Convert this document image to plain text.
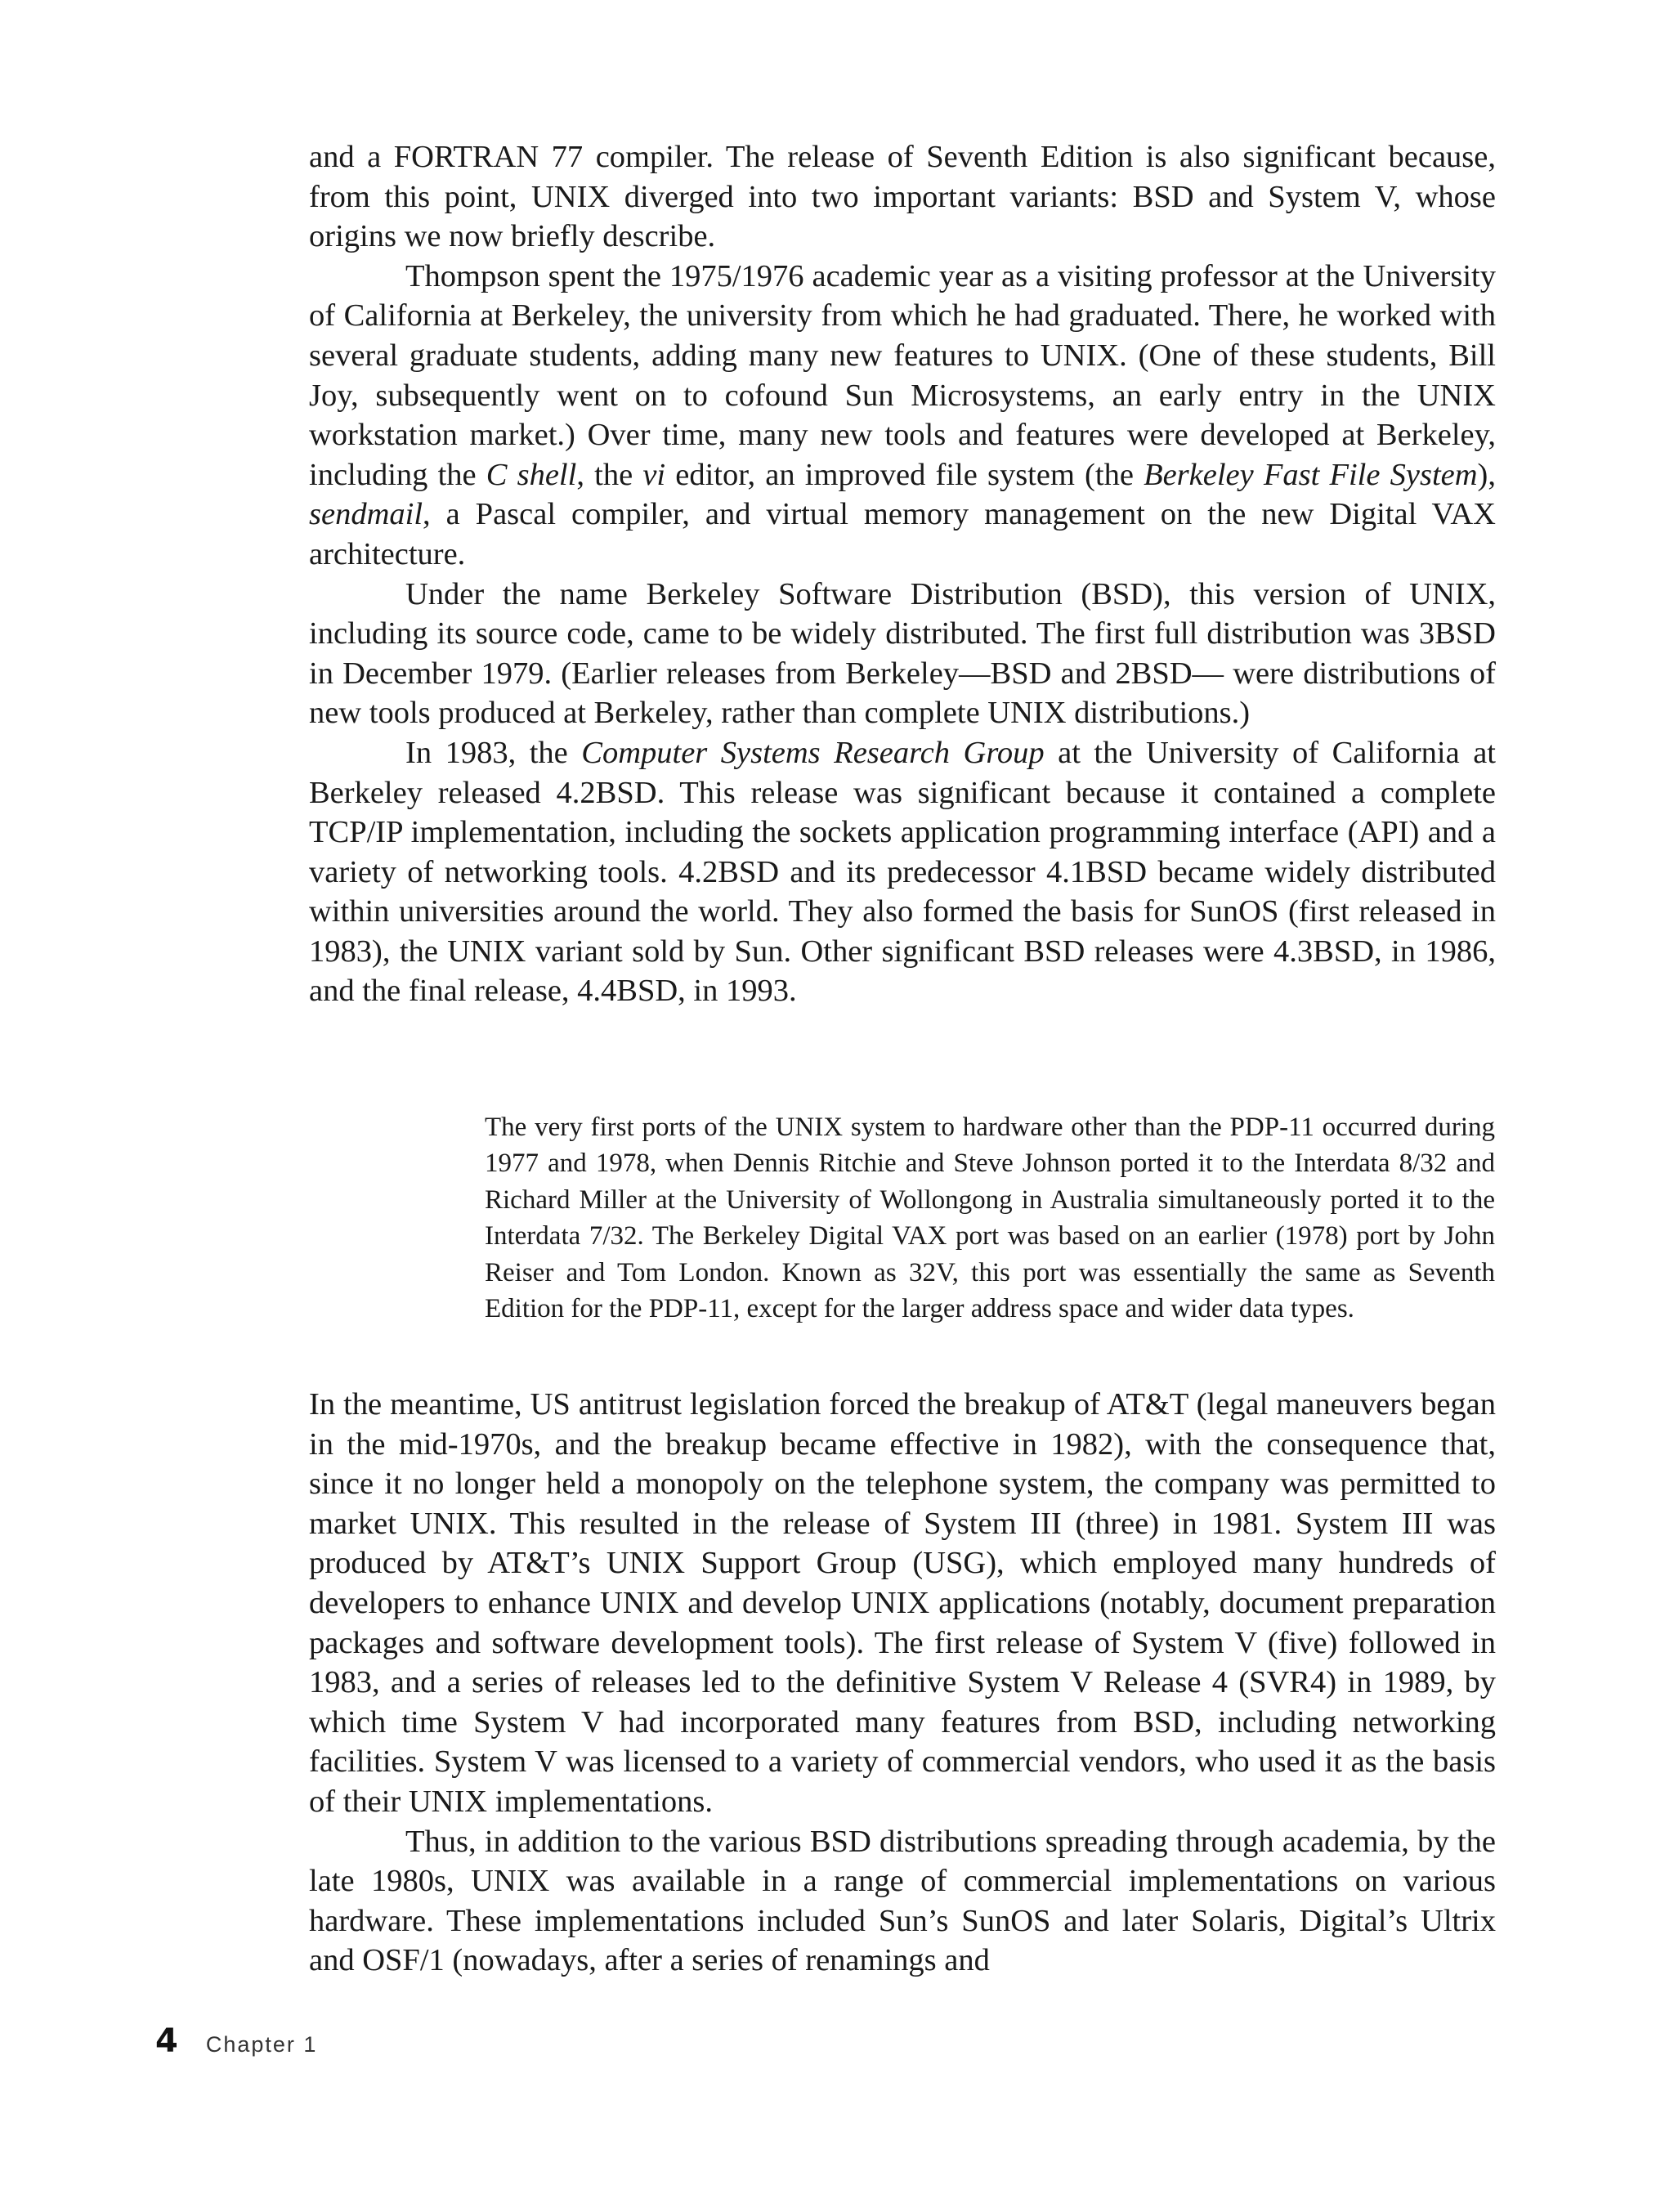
and a FORTRAN 77 compiler. The release of Seventh Edition is also significant because, from this point, UNIX diverged into two important variants: BSD and System V, whose origins we now briefly describe.

Thompson spent the 1975/1976 academic year as a visiting professor at the University of California at Berkeley, the university from which he had graduated. There, he worked with several graduate students, adding many new features to UNIX. (One of these students, Bill Joy, subsequently went on to cofound Sun Microsystems, an early entry in the UNIX workstation market.) Over time, many new tools and features were developed at Berkeley, including the C shell, the vi editor, an improved file system (the Berkeley Fast File System), sendmail, a Pascal compiler, and virtual memory management on the new Digital VAX architecture.

Under the name Berkeley Software Distribution (BSD), this version of UNIX, including its source code, came to be widely distributed. The first full distribution was 3BSD in December 1979. (Earlier releases from Berkeley—BSD and 2BSD— were distributions of new tools produced at Berkeley, rather than complete UNIX distributions.)

In 1983, the Computer Systems Research Group at the University of California at Berkeley released 4.2BSD. This release was significant because it contained a complete TCP/IP implementation, including the sockets application programming interface (API) and a variety of networking tools. 4.2BSD and its predecessor 4.1BSD became widely distributed within universities around the world. They also formed the basis for SunOS (first released in 1983), the UNIX variant sold by Sun. Other significant BSD releases were 4.3BSD, in 1986, and the final release, 4.4BSD, in 1993.

The very first ports of the UNIX system to hardware other than the PDP-11 occurred during 1977 and 1978, when Dennis Ritchie and Steve Johnson ported it to the Interdata 8/32 and Richard Miller at the University of Wollongong in Australia simultaneously ported it to the Interdata 7/32. The Berkeley Digital VAX port was based on an earlier (1978) port by John Reiser and Tom London. Known as 32V, this port was essentially the same as Seventh Edition for the PDP-11, except for the larger address space and wider data types.

In the meantime, US antitrust legislation forced the breakup of AT&T (legal maneuvers began in the mid-1970s, and the breakup became effective in 1982), with the consequence that, since it no longer held a monopoly on the telephone system, the company was permitted to market UNIX. This resulted in the release of System III (three) in 1981. System III was produced by AT&T’s UNIX Support Group (USG), which employed many hundreds of developers to enhance UNIX and develop UNIX applications (notably, document preparation packages and software development tools). The first release of System V (five) followed in 1983, and a series of releases led to the definitive System V Release 4 (SVR4) in 1989, by which time System V had incorporated many features from BSD, including networking facilities. System V was licensed to a variety of commercial vendors, who used it as the basis of their UNIX implementations.

Thus, in addition to the various BSD distributions spreading through academia, by the late 1980s, UNIX was available in a range of commercial implementations on various hardware. These implementations included Sun’s SunOS and later Solaris, Digital’s Ultrix and OSF/1 (nowadays, after a series of renamings and

4 Chapter 1
